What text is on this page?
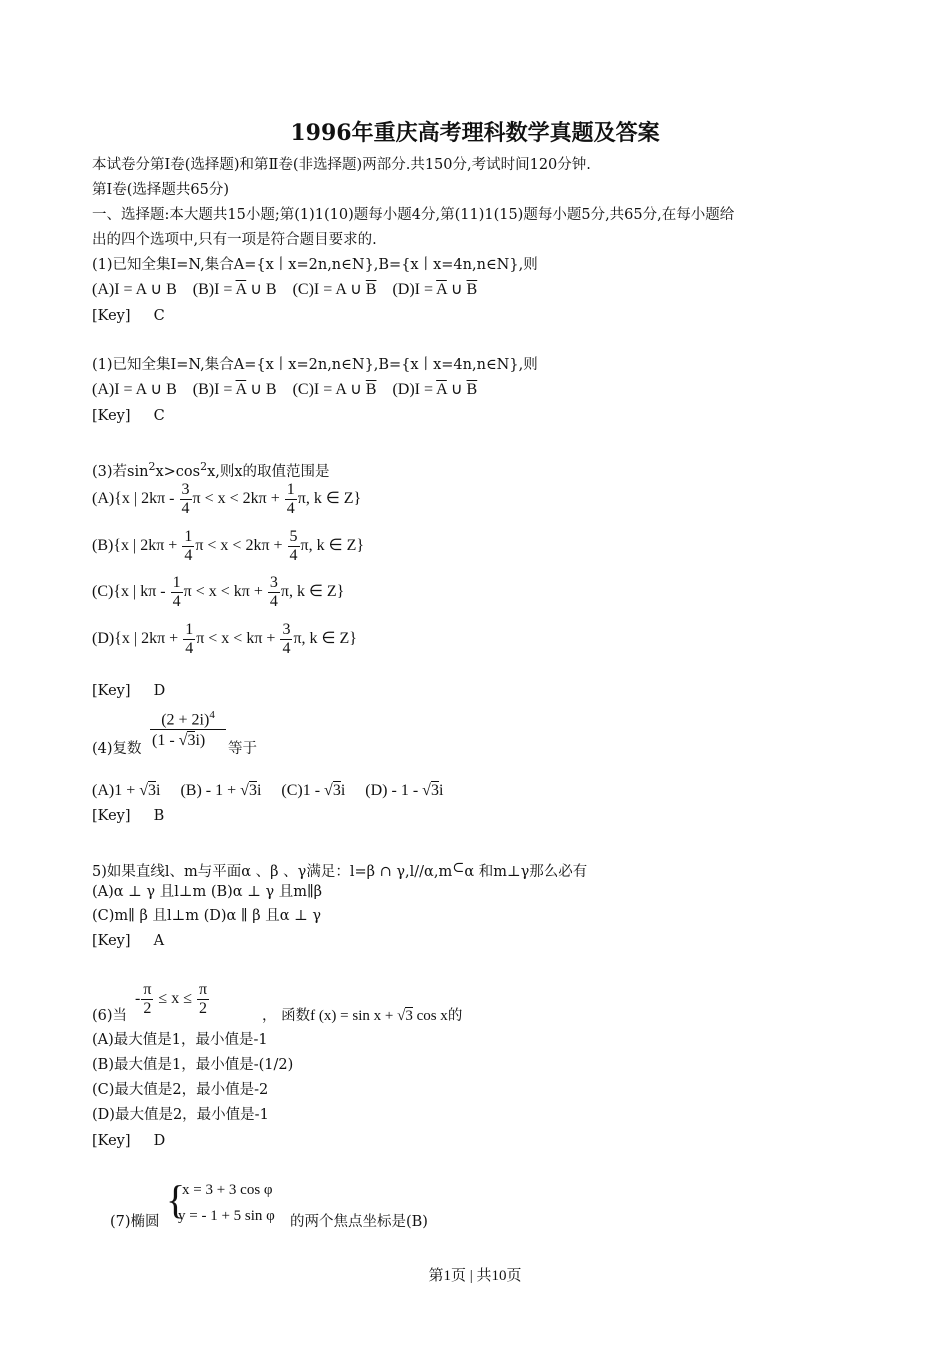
1996年重庆高考理科数学真题及答案
本试卷分第Ⅰ卷(选择题)和第Ⅱ卷(非选择题)两部分.共150分,考试时间120分钟.
第Ⅰ卷(选择题共65分)
一、选择题:本大题共15小题;第(1)1(10)题每小题4分,第(11)1(15)题每小题5分,共65分,在每小题给
出的四个选项中,只有一项是符合题目要求的.
(1)已知全集I=N,集合A={x丨x=2n,n∈N},B={x丨x=4n,n∈N},则
(A)I = A ∪ B $(B)I = \overline{A}$ ∪ B (C)I = A ∪ $\overline{B}$ $(D)I = \overline{A}$ ∪ $\overline{B}$
[Key] C
(1)已知全集I=N,集合A={x丨x=2n,n∈N},B={x丨x=4n,n∈N},则
(A)I = A ∪ B $(B)I = \overline{A}$ ∪ B (C)I = A ∪ $\overline{B}$ $(D)I = \overline{A}$ ∪ $\overline{B}$
[Key] C
(3)若$\sin^2x>\cos^2x$,则x的取值范围是
(A){x | $2k\pi - \frac{3}{4}$ $\pi < x < 2k\pi + \frac{1}{4} \pi$, k ∈ Z}
(B){x | $2k\pi + \frac{1}{4}$ $\pi < x < 2k\pi + \frac{5}{4} \pi$, k ∈ Z}
(C){x | kπ - $\frac{1}{4}$ $\pi < x < k\pi + \frac{3}{4} \pi$, k ∈ Z}
(D){x | $2k\pi + \frac{1}{4}$ $\pi < x < k\pi + \frac{3}{4} \pi$, k ∈ Z}
[Key] D
$(2 + 2i)^4$
(1 - √3i)
(4)复数	等于
(A)1 + √3i (B) - 1 + √3i (C)1 - √3i (D) - 1 - √3i
[Key] B
5)如果直线l、m与平面α 、β 、γ满足：l=β ∩ γ,l//α,m⊂α 和m⊥γ那么必有
(A)α ⊥ γ 且l⊥m (B)α ⊥ γ 且m∥β
(C)m∥ β 且l⊥m (D)α ∥ β 且α ⊥ γ
[Key] A
- $\frac{\pi}{2} \le x \le \frac{\pi}{2}$
(6)当	， 函数f (x) = sin x + √3 cos x的
(A)最大值是1，最小值是-1
(B)最大值是1，最小值是-(1/2)
(C)最大值是2，最小值是-2
(D)最大值是2，最小值是-1
[Key] D
{
x = 3 + 3 cos φ
y = - 1 + 5 sin φ
(7)椭圆	的两个焦点坐标是(B)
第1页 | 共10页
